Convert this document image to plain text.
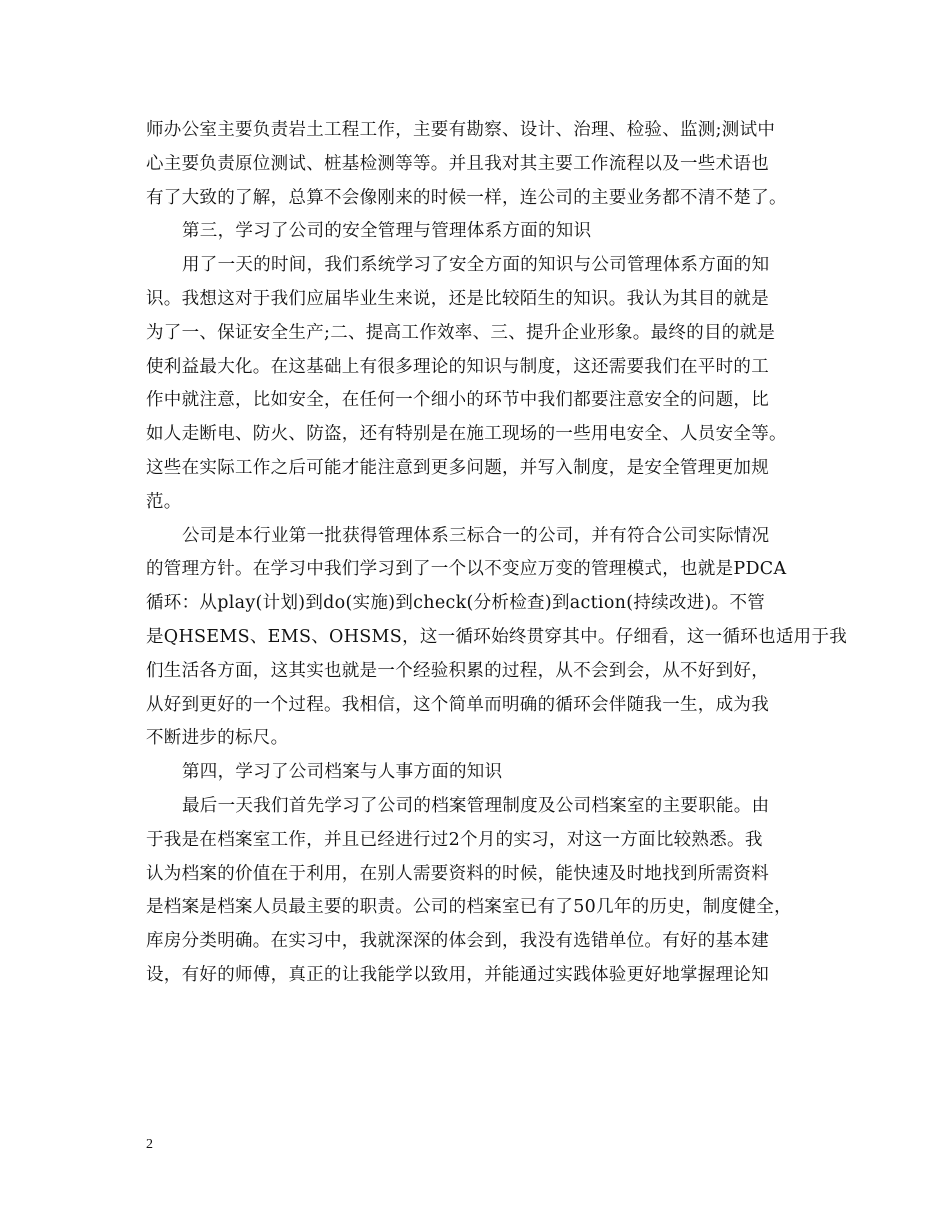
师办公室主要负责岩土工程工作，主要有勘察、设计、治理、检验、监测;测试中
心主要负责原位测试、桩基检测等等。并且我对其主要工作流程以及一些术语也
有了大致的了解，总算不会像刚来的时候一样，连公司的主要业务都不清不楚了。
第三，学习了公司的安全管理与管理体系方面的知识
用了一天的时间，我们系统学习了安全方面的知识与公司管理体系方面的知
识。我想这对于我们应届毕业生来说，还是比较陌生的知识。我认为其目的就是
为了一、保证安全生产;二、提高工作效率、三、提升企业形象。最终的目的就是
使利益最大化。在这基础上有很多理论的知识与制度，这还需要我们在平时的工
作中就注意，比如安全，在任何一个细小的环节中我们都要注意安全的问题，比
如人走断电、防火、防盗，还有特别是在施工现场的一些用电安全、人员安全等。
这些在实际工作之后可能才能注意到更多问题，并写入制度，是安全管理更加规
范。
公司是本行业第一批获得管理体系三标合一的公司，并有符合公司实际情况
的管理方针。在学习中我们学习到了一个以不变应万变的管理模式，也就是PDCA
循环：从play(计划)到do(实施)到check(分析检查)到action(持续改进)。不管
是QHSEMS、EMS、OHSMS，这一循环始终贯穿其中。仔细看，这一循环也适用于我
们生活各方面，这其实也就是一个经验积累的过程，从不会到会，从不好到好，
从好到更好的一个过程。我相信，这个简单而明确的循环会伴随我一生，成为我
不断进步的标尺。
第四，学习了公司档案与人事方面的知识
最后一天我们首先学习了公司的档案管理制度及公司档案室的主要职能。由
于我是在档案室工作，并且已经进行过2个月的实习，对这一方面比较熟悉。我
认为档案的价值在于利用，在别人需要资料的时候，能快速及时地找到所需资料
是档案是档案人员最主要的职责。公司的档案室已有了50几年的历史，制度健全，
库房分类明确。在实习中，我就深深的体会到，我没有选错单位。有好的基本建
设，有好的师傅，真正的让我能学以致用，并能通过实践体验更好地掌握理论知
2
